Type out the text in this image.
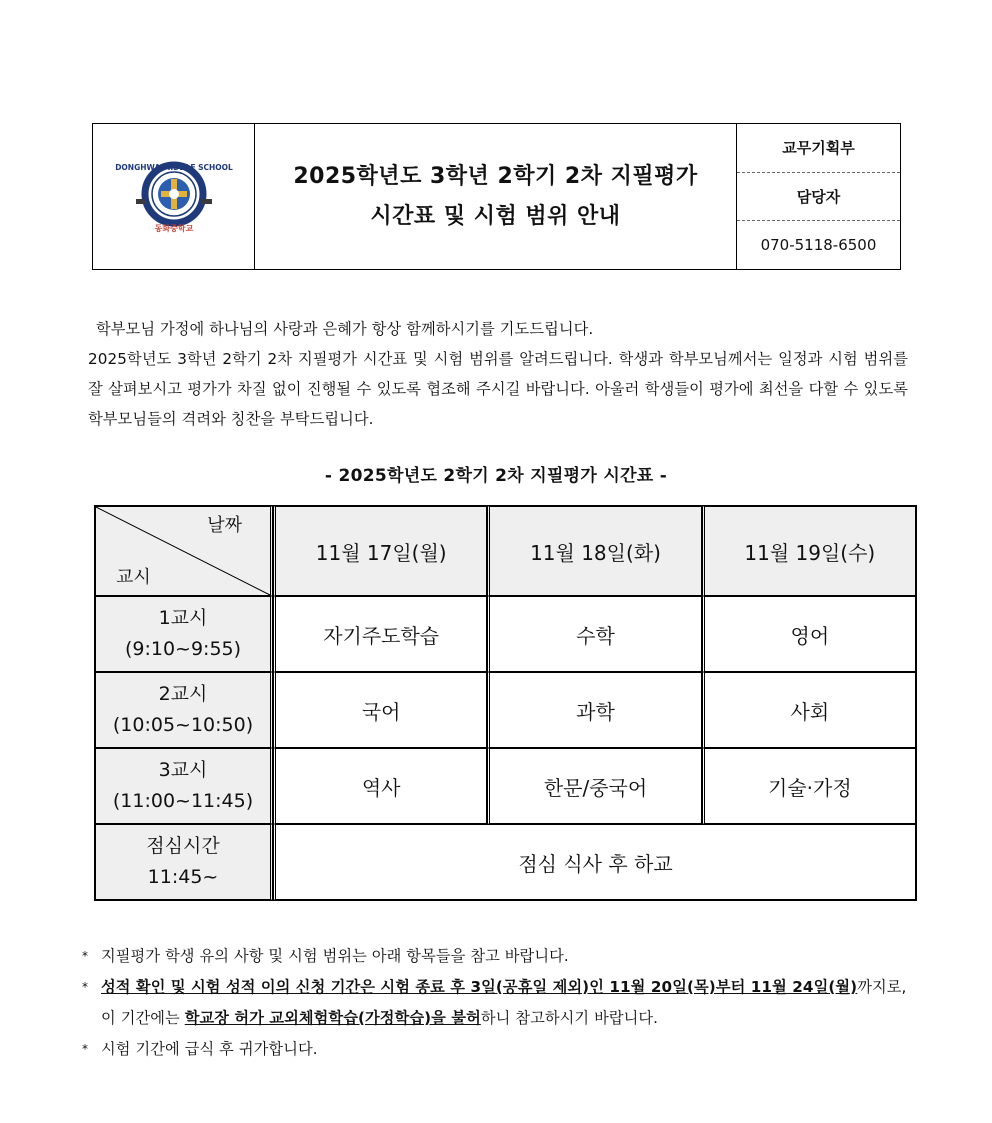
DONGHWA MIDDLE SCHOOL
동화중학교
2025학년도 3학년 2학기 2차 지필평가
시간표 및 시험 범위 안내
교무기획부
담당자
070-5118-6500

학부모님 가정에 하나님의 사랑과 은혜가 항상 함께하시기를 기도드립니다.

2025학년도 3학년 2학기 2차 지필평가 시간표 및 시험 범위를 알려드립니다. 학생과 학부모님께서는 일정과 시험 범위를 잘 살펴보시고 평가가 차질 없이 진행될 수 있도록 협조해 주시길 바랍니다. 아울러 학생들이 평가에 최선을 다할 수 있도록 학부모님들의 격려와 칭찬을 부탁드립니다.

- 2025학년도 2학기 2차 지필평가 시간표 -
날짜
교시	11월 17일(월)	11월 18일(화)	11월 19일(수)

1교시
(9:10~9:55)	자기주도학습	수학	영어

2교시
(10:05~10:50)	국어	과학	사회

3교시
(11:00~11:45)	역사	한문/중국어	기술·가정

점심시간
11:45~	점심 식사 후 하교		
* 지필평가 학생 유의 사항 및 시험 범위는 아래 항목들을 참고 바랍니다.
* 성적 확인 및 시험 성적 이의 신청 기간은 시험 종료 후 3일(공휴일 제외)인 11월 20일(목)부터 11월 24일(월)까지로, 이 기간에는 학교장 허가 교외체험학습(가정학습)을 불허하니 참고하시기 바랍니다.
* 시험 기간에 급식 후 귀가합니다.
